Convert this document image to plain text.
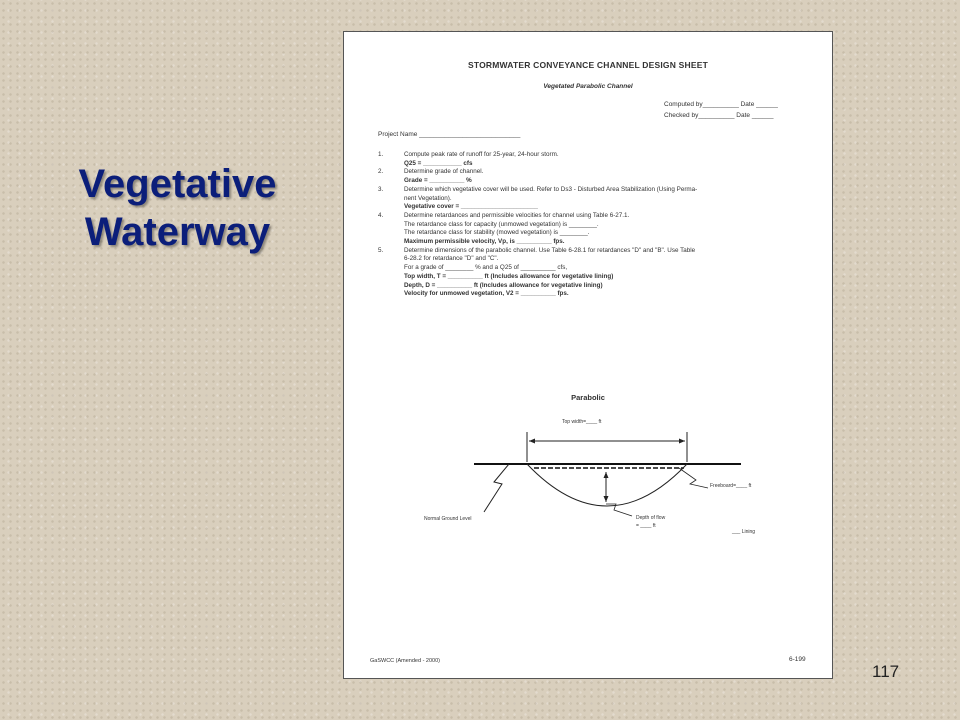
Vegetative
Waterway
STORMWATER CONVEYANCE CHANNEL DESIGN SHEET
Vegetated Parabolic Channel
Computed by__________ Date ______
Checked by__________ Date ______
Project Name ____________________________
1.	Compute peak rate of runoff for 25-year, 24-hour storm.
Q25 = ___________ cfs
2.	Determine grade of channel.
Grade = __________ %
3.	Determine which vegetative cover will be used. Refer to Ds3 - Disturbed Area Stabilization (Using Perma-
nent Vegetation).
Vegetative cover = ______________________
4.	Determine retardances and permissible velocities for channel using Table 6-27.1.
The retardance class for capacity (unmowed vegetation) is ________.
The retardance class for stability (mowed vegetation) is ________.
Maximum permissible velocity, Vp, is __________ fps.
5.	Determine dimensions of the parabolic channel. Use Table 6-28.1 for retardances "D" and "B". Use Table
6-28.2 for retardance "D" and "C".
For a grade of ________ % and a Q25 of __________ cfs,
Top width, T = __________ ft (Includes allowance for vegetative lining)
Depth, D = __________ ft (Includes allowance for vegetative lining)
Velocity for unmowed vegetation, V2 = __________ fps.
Parabolic
Top width=____ ft
Freeboard=____ ft
Depth of flow
= ____ ft
Normal Ground Level
___ Lining
GaSWCC (Amended - 2000)	6-199
117
